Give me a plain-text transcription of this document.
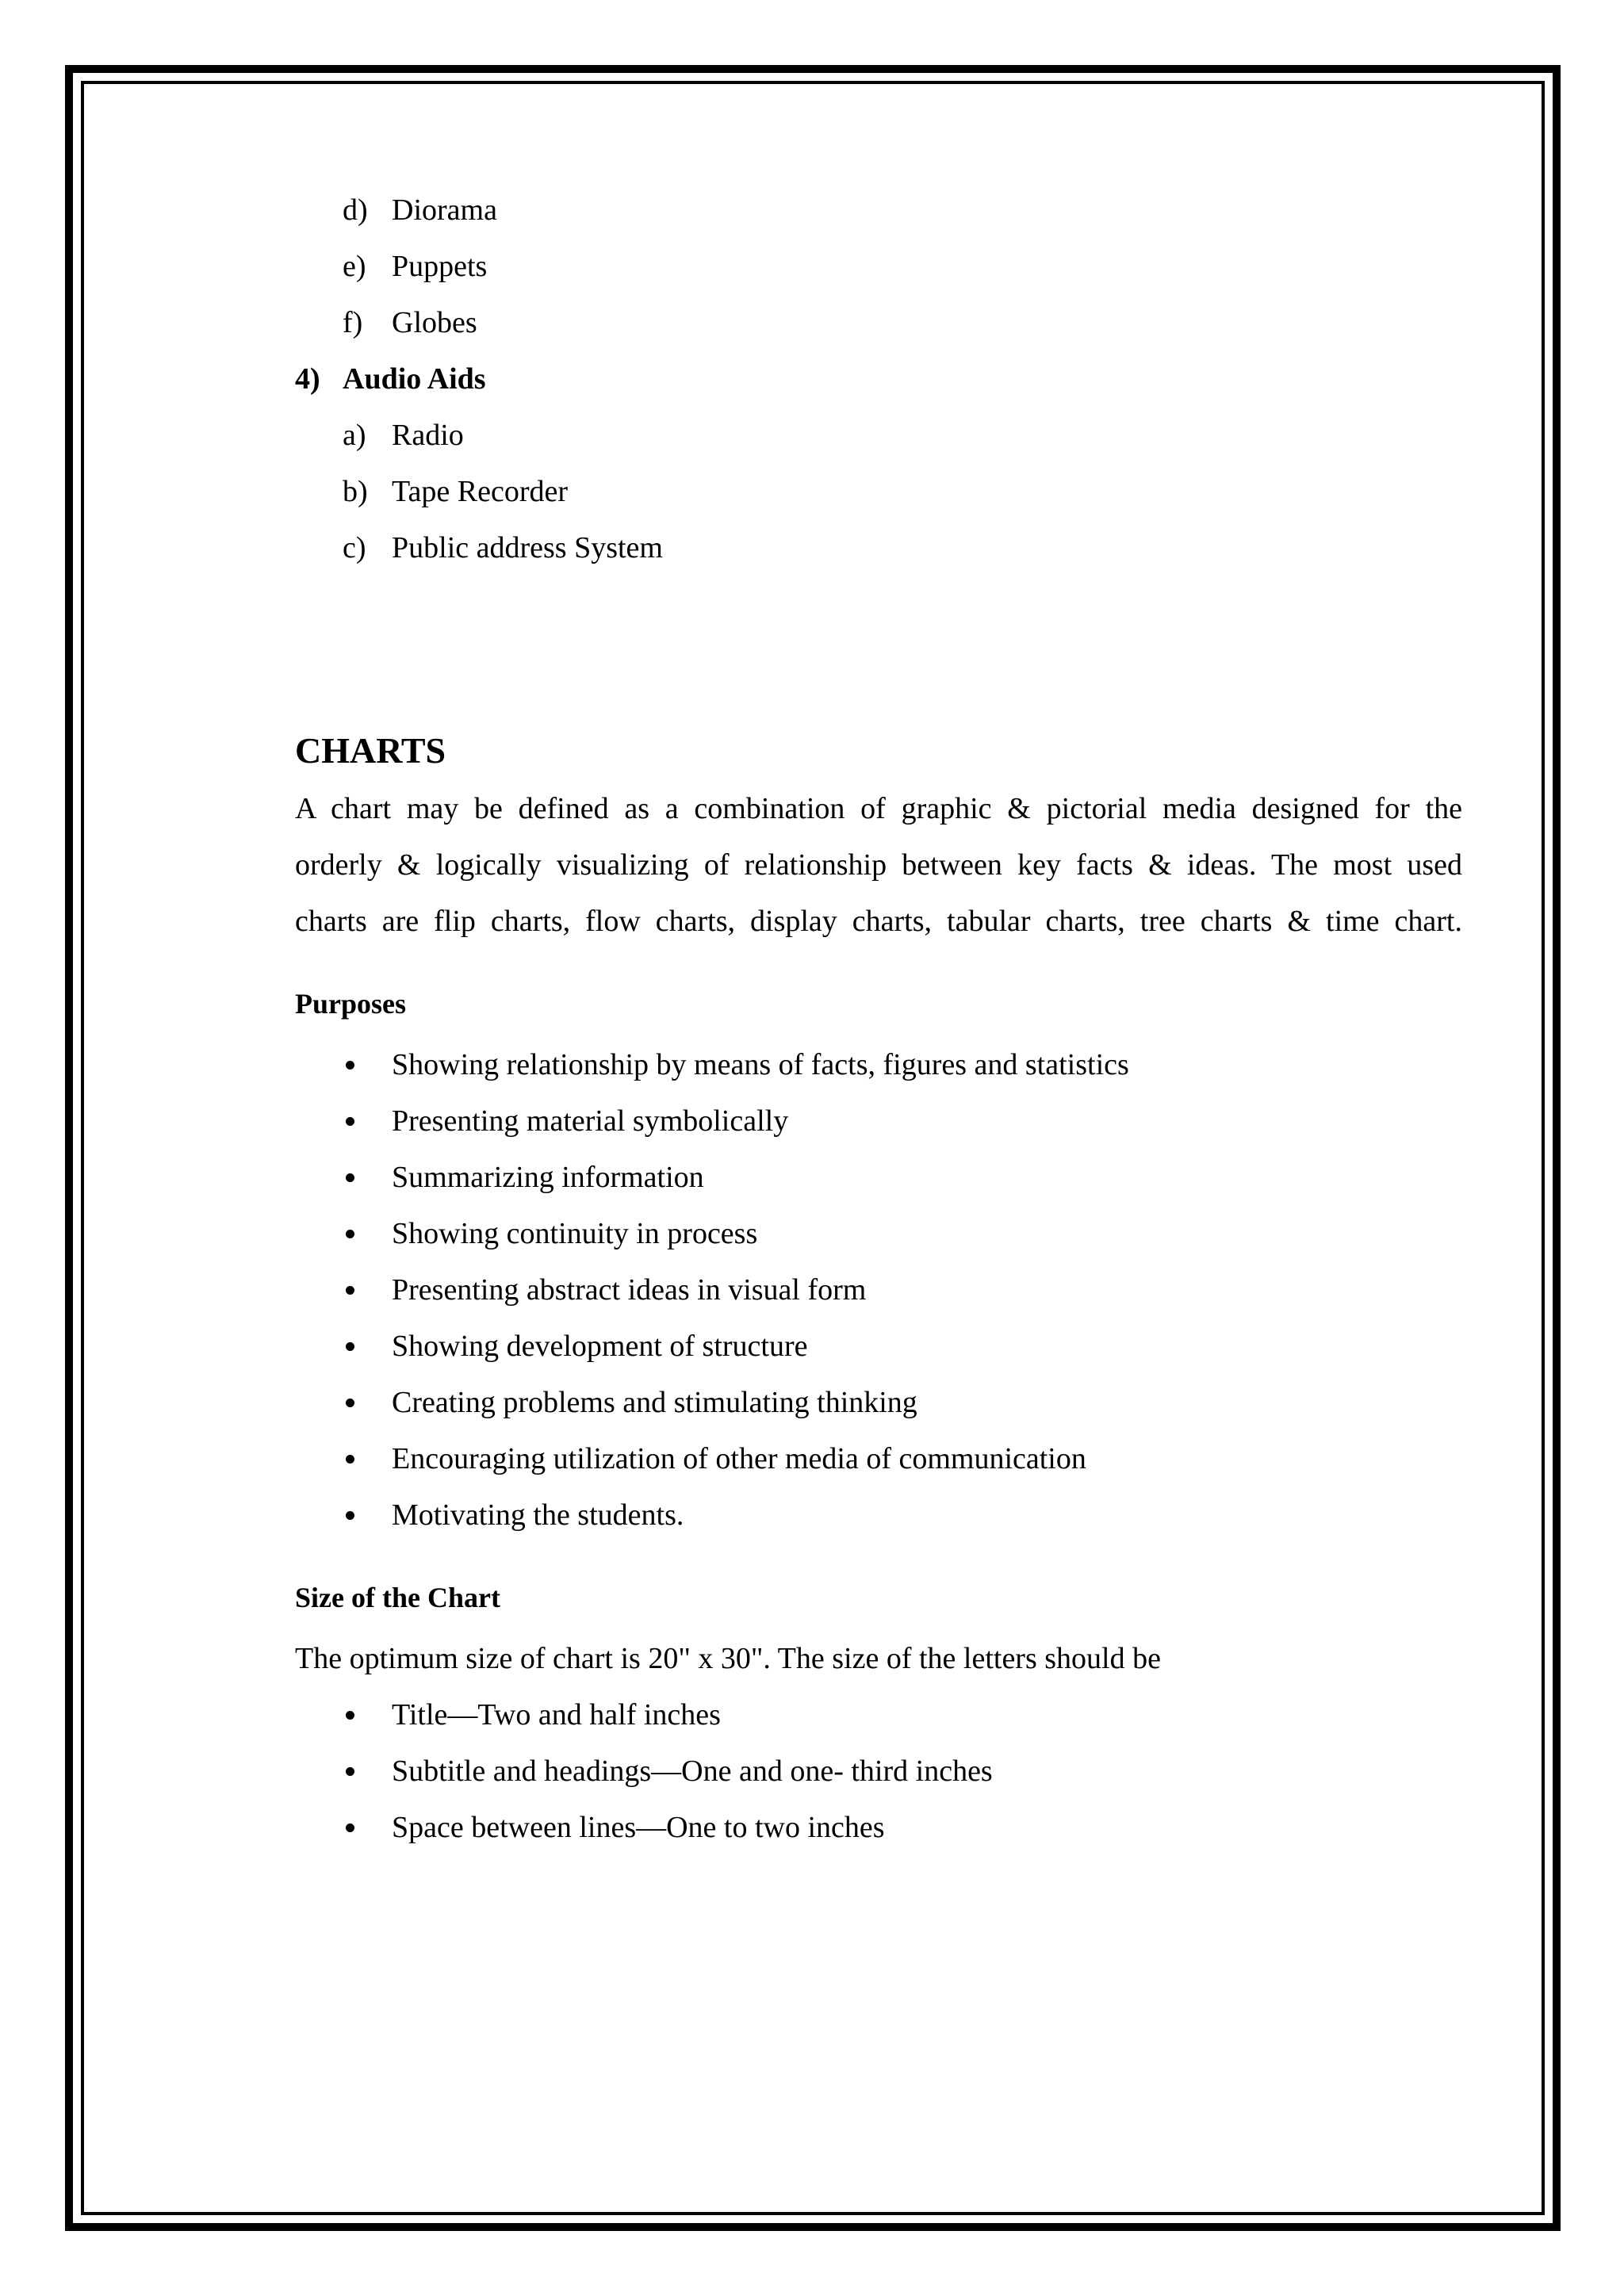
d) Diorama
e) Puppets
f) Globes
4) Audio Aids
a) Radio
b) Tape Recorder
c) Public address System
CHARTS

A chart may be defined as a combination of graphic & pictorial media designed for the

orderly & logically visualizing of relationship between key facts & ideas. The most used

charts are flip charts, flow charts, display charts, tabular charts, tree charts & time chart.

Purposes
Showing relationship by means of facts, figures and statistics
Presenting material symbolically
Summarizing information
Showing continuity in process
Presenting abstract ideas in visual form
Showing development of structure
Creating problems and stimulating thinking
Encouraging utilization of other media of communication
Motivating the students.
Size of the Chart

The optimum size of chart is 20" x 30". The size of the letters should be

Title—Two and half inches
Subtitle and headings—One and one- third inches
Space between lines—One to two inches
